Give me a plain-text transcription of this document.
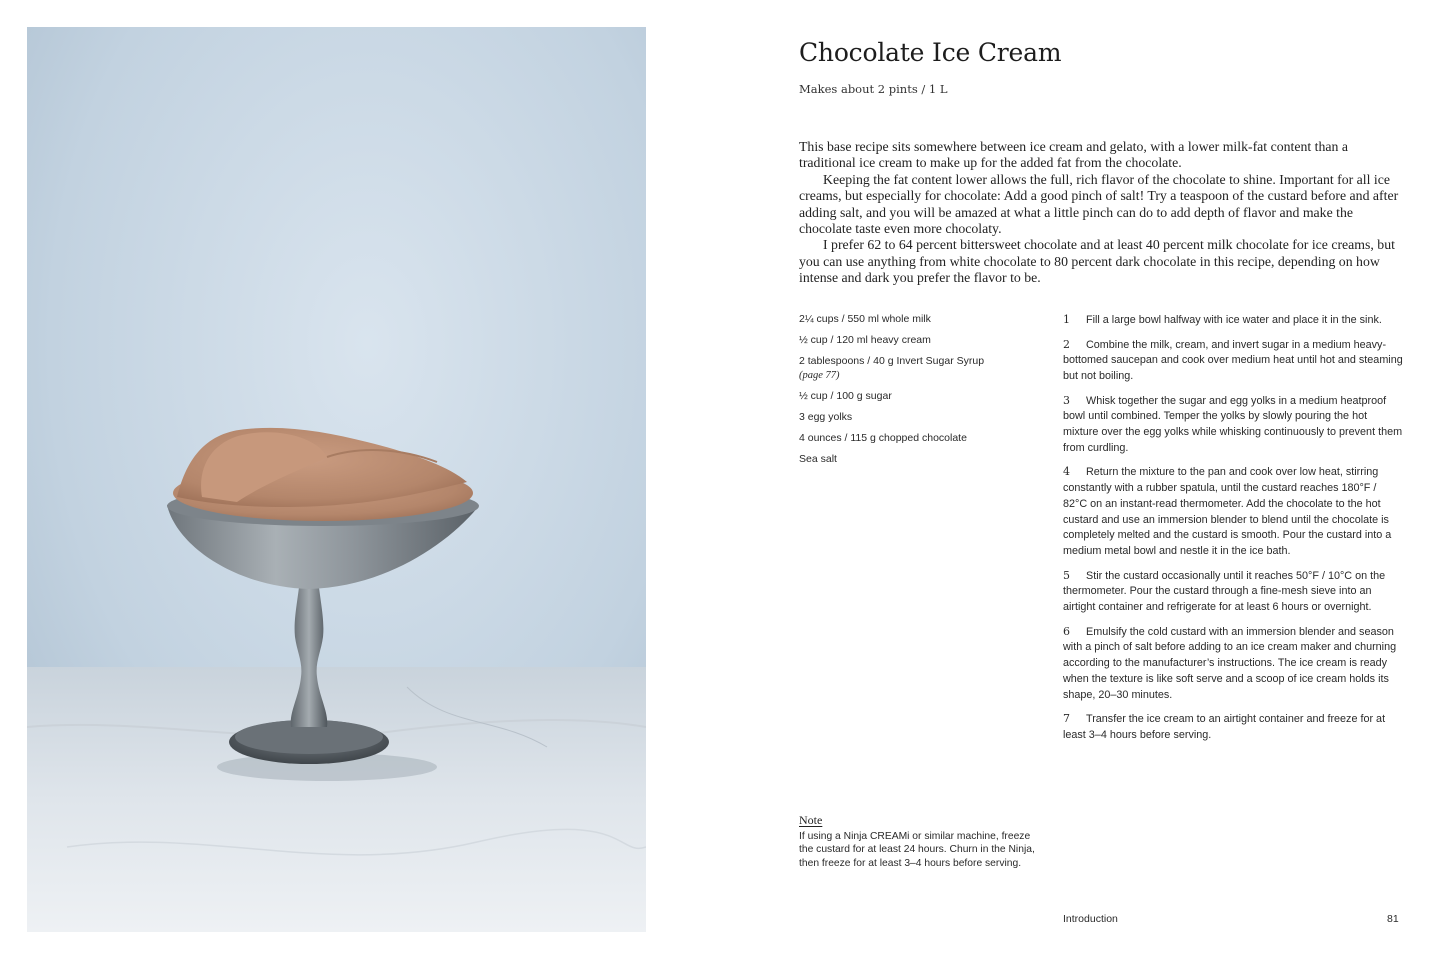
Chocolate Ice Cream
Makes about 2 pints / 1 L

This base recipe sits somewhere between ice cream and gelato, with a lower milk-fat content than a traditional ice cream to make up for the added fat from the chocolate.

Keeping the fat content lower allows the full, rich flavor of the chocolate to shine. Important for all ice creams, but especially for chocolate: Add a good pinch of salt! Try a teaspoon of the custard before and after adding salt, and you will be amazed at what a little pinch can do to add depth of flavor and make the chocolate taste even more chocolaty.

I prefer 62 to 64 percent bittersweet chocolate and at least 40 percent milk chocolate for ice creams, but you can use anything from white chocolate to 80 percent dark chocolate in this recipe, depending on how intense and dark you prefer the flavor to be.

2¼ cups / 550 ml whole milk
½ cup / 120 ml heavy cream
2 tablespoons / 40 g Invert Sugar Syrup
(page 77)
½ cup / 100 g sugar
3 egg yolks
4 ounces / 115 g chopped chocolate
Sea salt
1 Fill a large bowl halfway with ice water and place it in the sink.
2 Combine the milk, cream, and invert sugar in a medium heavy-bottomed saucepan and cook over medium heat until hot and steaming but not boiling.
3 Whisk together the sugar and egg yolks in a medium heatproof bowl until combined. Temper the yolks by slowly pouring the hot mixture over the egg yolks while whisking continuously to prevent them from curdling.
4 Return the mixture to the pan and cook over low heat, stirring constantly with a rubber spatula, until the custard reaches 180°F / 82°C on an instant-read thermometer. Add the chocolate to the hot custard and use an immersion blender to blend until the chocolate is completely melted and the custard is smooth. Pour the custard into a medium metal bowl and nestle it in the ice bath.
5 Stir the custard occasionally until it reaches 50°F / 10°C on the thermometer. Pour the custard through a fine-mesh sieve into an airtight container and refrigerate for at least 6 hours or overnight.
6 Emulsify the cold custard with an immersion blender and season with a pinch of salt before adding to an ice cream maker and churning according to the manufacturer’s instructions. The ice cream is ready when the texture is like soft serve and a scoop of ice cream holds its shape, 20–30 minutes.
7 Transfer the ice cream to an airtight container and freeze for at least 3–4 hours before serving.
Note
If using a Ninja CREAMi or similar machine, freeze the custard for at least 24 hours. Churn in the Ninja, then freeze for at least 3–4 hours before serving.
Introduction	81
